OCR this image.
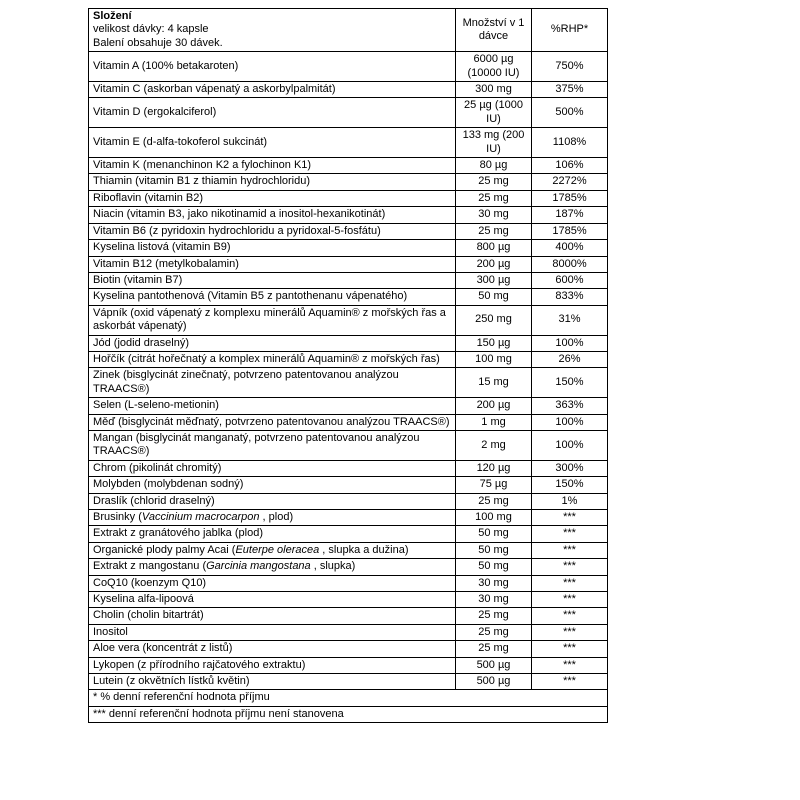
Složení
velikost dávky: 4 kapsle
Balení obsahuje 30 dávek.	Množství v 1 dávce	%RHP*
Vitamin A (100% betakaroten)	6000 µg (10000 IU)	750%
Vitamin C (askorban vápenatý a askorbylpalmitát)	300 mg	375%
Vitamin D (ergokalciferol)	25 µg (1000 IU)	500%
Vitamin E (d-alfa-tokoferol sukcinát)	133 mg (200 IU)	1108%
Vitamin K (menanchinon K2 a fylochinon K1)	80 µg	106%
Thiamin (vitamin B1 z thiamin hydrochloridu)	25 mg	2272%
Riboflavin (vitamin B2)	25 mg	1785%
Niacin (vitamin B3, jako nikotinamid a inositol-hexanikotinát)	30 mg	187%
Vitamin B6 (z pyridoxin hydrochloridu a pyridoxal-5-fosfátu)	25 mg	1785%
Kyselina listová (vitamin B9)	800 µg	400%
Vitamin B12 (metylkobalamin)	200 µg	8000%
Biotin (vitamin B7)	300 µg	600%
Kyselina pantothenová (Vitamin B5 z pantothenanu vápenatého)	50 mg	833%
Vápník (oxid vápenatý z komplexu minerálů Aquamin® z mořských řas a askorbát vápenatý)	250 mg	31%
Jód (jodid draselný)	150 µg	100%
Hořčík (citrát hořečnatý a komplex minerálů Aquamin® z mořských řas)	100 mg	26%
Zinek (bisglycinát zinečnatý, potvrzeno patentovanou analýzou TRAACS®)	15 mg	150%
Selen (L-seleno-metionin)	200 µg	363%
Měď (bisglycinát měďnatý, potvrzeno patentovanou analýzou TRAACS®)	1 mg	100%
Mangan (bisglycinát manganatý, potvrzeno patentovanou analýzou TRAACS®)	2 mg	100%
Chrom (pikolinát chromitý)	120 µg	300%
Molybden (molybdenan sodný)	75 µg	150%
Draslík (chlorid draselný)	25 mg	1%
Brusinky (Vaccinium macrocarpon , plod)	100 mg	***
Extrakt z granátového jablka (plod)	50 mg	***
Organické plody palmy Acai (Euterpe oleracea , slupka a dužina)	50 mg	***
Extrakt z mangostanu (Garcinia mangostana , slupka)	50 mg	***
CoQ10 (koenzym Q10)	30 mg	***
Kyselina alfa-lipoová	30 mg	***
Cholin (cholin bitartrát)	25 mg	***
Inositol	25 mg	***
Aloe vera (koncentrát z listů)	25 mg	***
Lykopen (z přírodního rajčatového extraktu)	500 µg	***
Lutein (z okvětních lístků květin)	500 µg	***
* % denní referenční hodnota příjmu		
*** denní referenční hodnota příjmu není stanovena		
